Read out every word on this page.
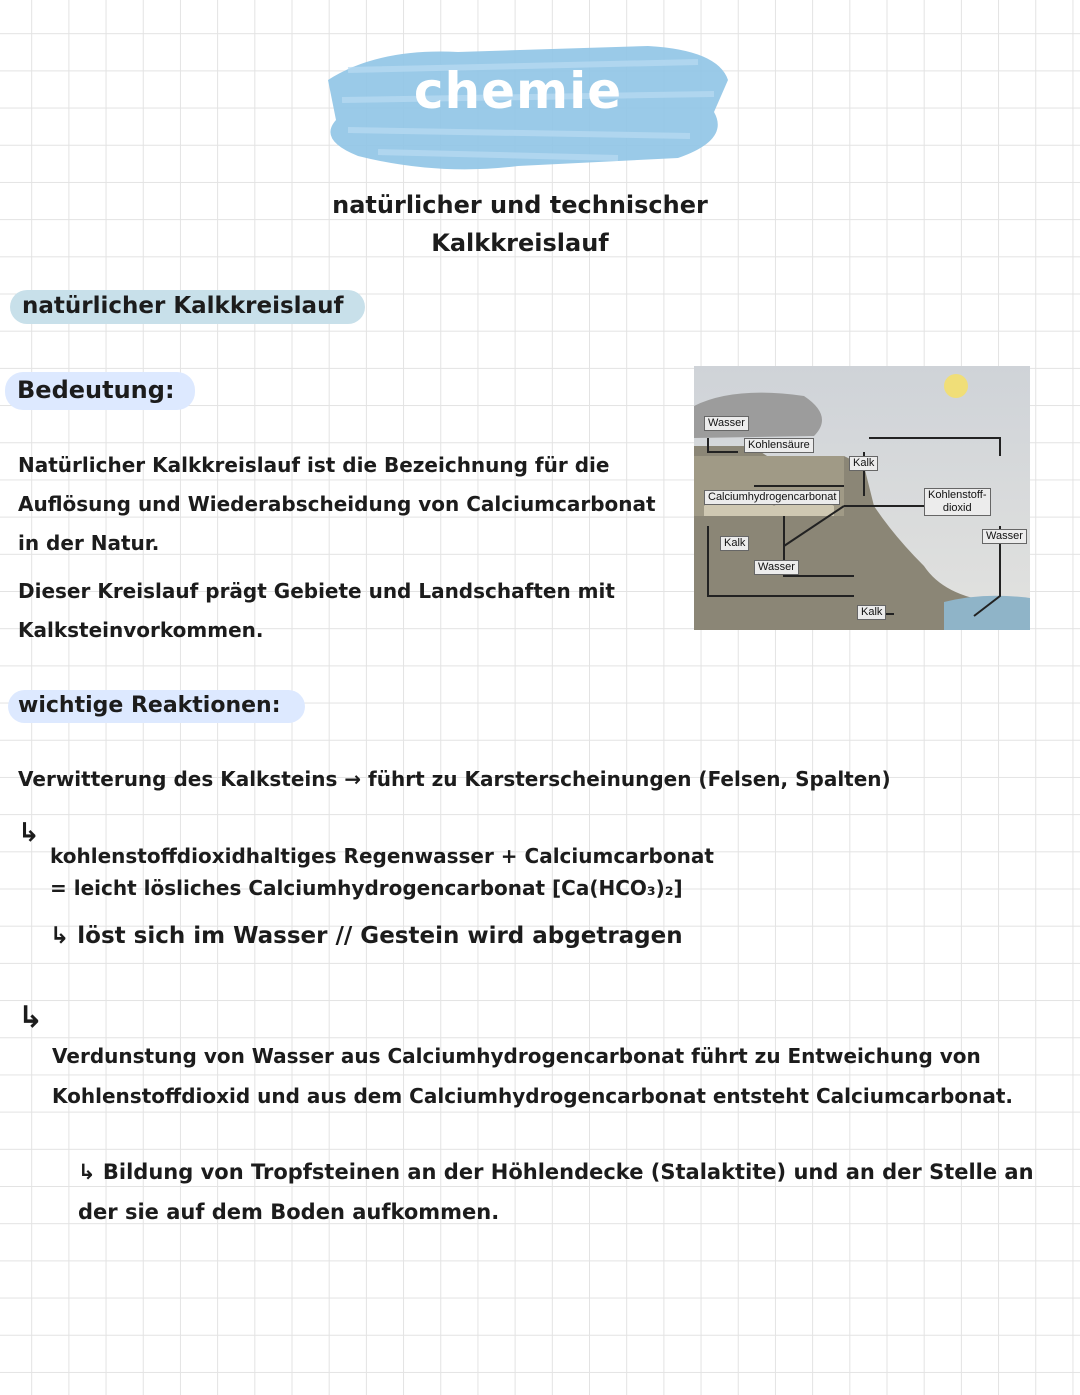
chemie
natürlicher und technischer
Kalkkreislauf
natürlicher Kalkkreislauf
Bedeutung:
Natürlicher Kalkkreislauf ist die Bezeichnung für die Auflösung und Wiederabscheidung von Calciumcarbonat in der Natur.
Dieser Kreislauf prägt Gebiete und Landschaften mit Kalksteinvorkommen.
Wasser
Kohlensäure
Kalk
Calciumhydrogencarbonat	Kohlenstoff-
dioxid
Wasser
Kalk
Wasser
Kalk
wichtige Reaktionen:
Verwitterung des Kalksteins → führt zu Karsterscheinungen (Felsen, Spalten)
↳
kohlenstoffdioxidhaltiges Regenwasser + Calciumcarbonat
= leicht lösliches Calciumhydrogencarbonat [Ca(HCO₃)₂]
↳ löst sich im Wasser // Gestein wird abgetragen
↳
Verdunstung von Wasser aus Calciumhydrogencarbonat führt zu Entweichung von Kohlenstoffdioxid und aus dem Calciumhydrogencarbonat entsteht Calciumcarbonat.
↳ Bildung von Tropfsteinen an der Höhlendecke (Stalaktite) und an der Stelle an der sie auf dem Boden aufkommen.
